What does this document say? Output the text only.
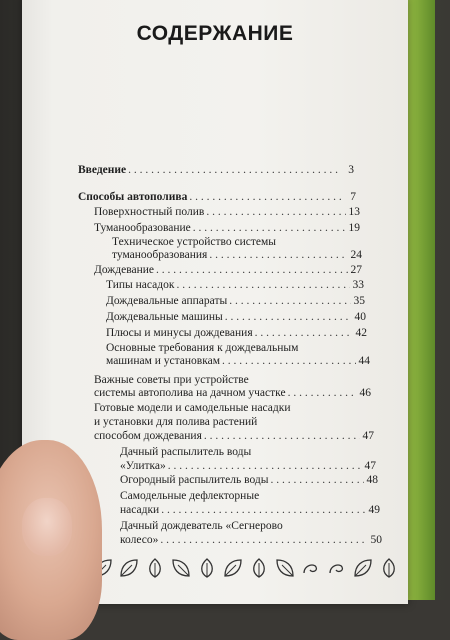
СОДЕРЖАНИЕ
Введение . . .	3
Способы автополива . . .	7
Поверхностный полив . . .	13
Туманообразование . . .	19
Техническое устройство системы
туманообразования . . .	24
Дождевание . . .	27
Типы насадок . . .	33
Дождевальные аппараты . . .	35
Дождевальные машины . . .	40
Плюсы и минусы дождевания . . .	42
Основные требования к дождевальным
машинам и установкам . . .	44
Важные советы при устройстве
системы автополива на дачном участке . . .	46
Готовые модели и самодельные насадки
и установки для полива растений
способом дождевания . . .	47
Дачный распылитель воды
«Улитка» . . .	47
Огородный распылитель воды . . .	48
Самодельные дефлекторные
насадки . . .	49
Дачный дождеватель «Сегнерово
колесо» . . .	50
